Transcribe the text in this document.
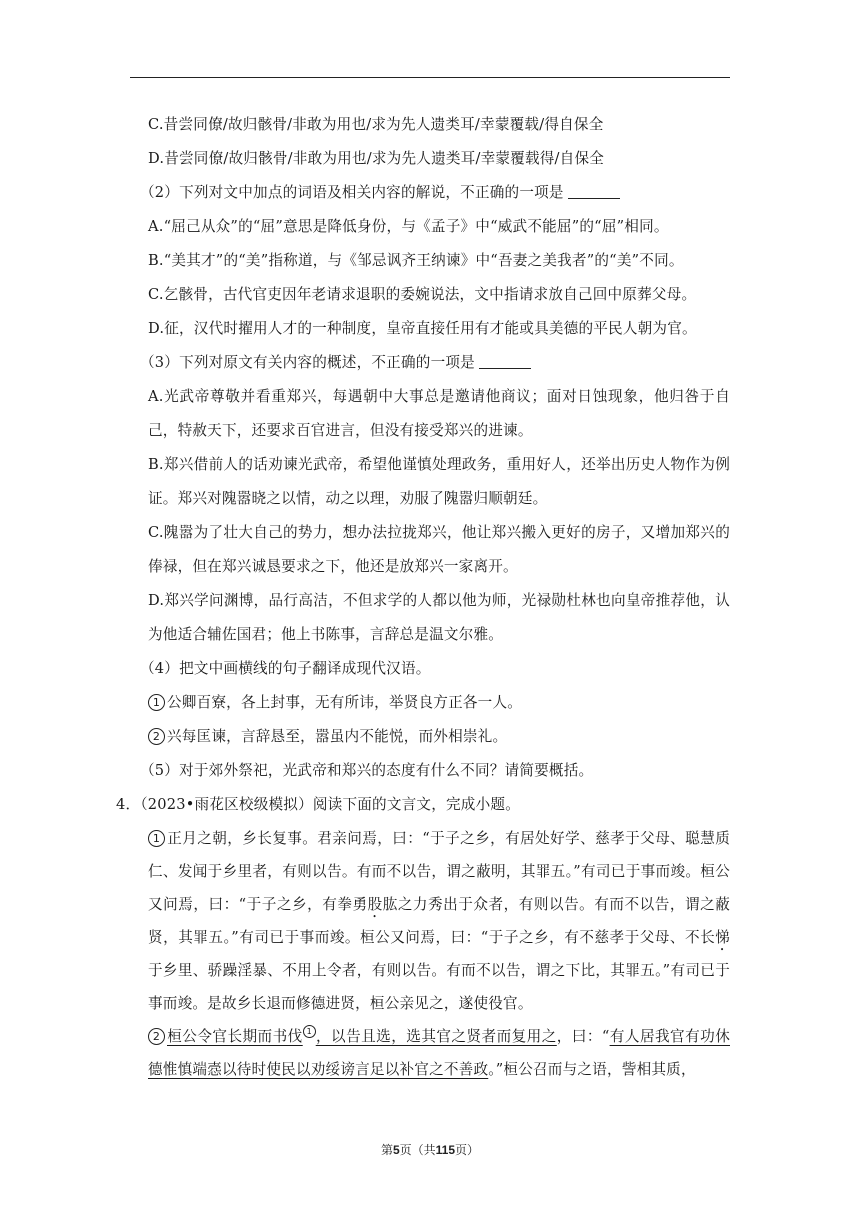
C.昔尝同僚/故归骸骨/非敢为用也/求为先人遗类耳/幸蒙覆载/得自保全
D.昔尝同僚/故归骸骨/非敢为用也/求为先人遗类耳/幸蒙覆载得/自保全
（2）下列对文中加点的词语及相关内容的解说，不正确的一项是
A.“屈己从众”的“屈”意思是降低身份，与《孟子》中“威武不能屈”的“屈”相同。
B.“美其才”的“美”指称道，与《邹忌讽齐王纳谏》中“吾妻之美我者”的“美”不同。
C.乞骸骨，古代官吏因年老请求退职的委婉说法，文中指请求放自己回中原葬父母。
D.征，汉代时擢用人才的一种制度，皇帝直接任用有才能或具美德的平民人朝为官。
（3）下列对原文有关内容的概述，不正确的一项是
A.光武帝尊敬并看重郑兴，每遇朝中大事总是邀请他商议；面对日蚀现象，他归咎于自己，特赦天下，还要求百官进言，但没有接受郑兴的进谏。
B.郑兴借前人的话劝谏光武帝，希望他谨慎处理政务，重用好人，还举出历史人物作为例证。郑兴对隗嚣晓之以情，动之以理，劝服了隗嚣归顺朝廷。
C.隗嚣为了壮大自己的势力，想办法拉拢郑兴，他让郑兴搬入更好的房子，又增加郑兴的俸禄，但在郑兴诚恳要求之下，他还是放郑兴一家离开。
D.郑兴学问渊博，品行高洁，不但求学的人都以他为师，光禄勋杜林也向皇帝推荐他，认为他适合辅佐国君；他上书陈事，言辞总是温文尔雅。
（4）把文中画横线的句子翻译成现代汉语。
1 公卿百寮，各上封事，无有所讳，举贤良方正各一人。
2 兴每匡谏，言辞恳至，嚣虽内不能悦，而外相崇礼。
（5）对于郊外祭祀，光武帝和郑兴的态度有什么不同？请简要概括。
4．（2023•雨花区校级模拟）阅读下面的文言文，完成小题。
1 正月之朝，乡长复事。君亲问焉，曰：“于子之乡，有居处好学、慈孝于父母、聪慧质仁、发闻于乡里者，有则以告。有而不以告，谓之蔽明，其罪五。”有司已于事而竣。桓公又问焉，曰：“于子之乡，有拳勇股肱之力秀出于众者，有则以告。有而不以告，谓之蔽贤，其罪五。”有司已于事而竣。桓公又问焉，曰：“于子之乡，有不慈孝于父母、不长悌于乡里、骄躁淫暴、不用上令者，有则以告。有而不以告，谓之下比，其罪五。”有司已于事而竣。是故乡长退而修德进贤，桓公亲见之，遂使役官。
2 桓公令官长期而书伐 1 ，以告且选，选其官之贤者而复用之，曰：“有人居我官有功休德惟慎端悫以待时使民以劝绥谤言足以补官之不善政。”桓公召而与之语，訾相其质，
第5页（共115页）
